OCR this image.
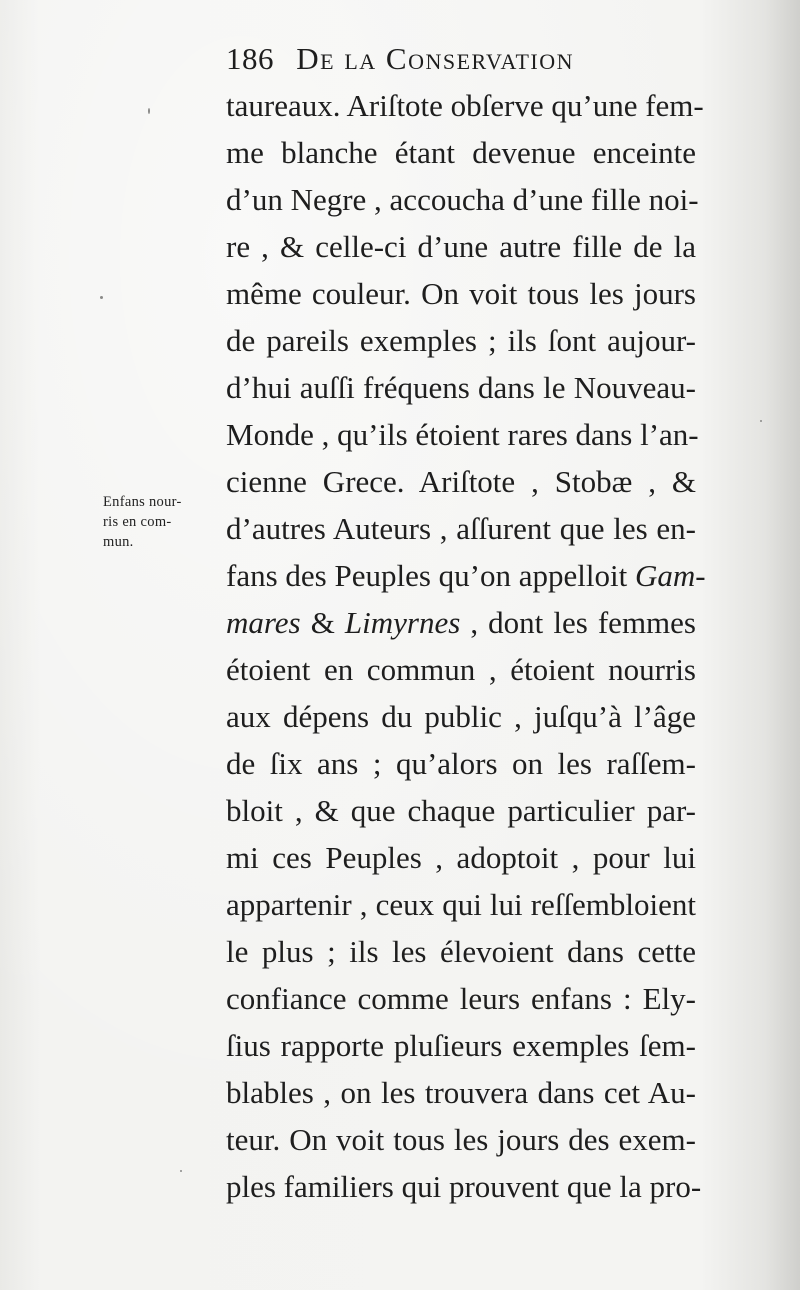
186 De la Conservation
Enfans nour-
ris en com-
mun.
taureaux. Ariſtote obſerve qu’une fem-
me blanche étant devenue enceinte
d’un Negre , accoucha d’une fille noi-
re , & celle-ci d’une autre fille de la
même couleur. On voit tous les jours
de pareils exemples ; ils ſont aujour-
d’hui auſſi fréquens dans le Nouveau-
Monde , qu’ils étoient rares dans l’an-
cienne Grece. Ariſtote , Stobæ , &
d’autres Auteurs , aſſurent que les en-
fans des Peuples qu’on appelloit Gam-
mares & Limyrnes , dont les femmes
étoient en commun , étoient nourris
aux dépens du public , juſqu’à l’âge
de ſix ans ; qu’alors on les raſſem-
bloit , & que chaque particulier par-
mi ces Peuples , adoptoit , pour lui
appartenir , ceux qui lui reſſembloient
le plus ; ils les élevoient dans cette
confiance comme leurs enfans : Ely-
ſius rapporte pluſieurs exemples ſem-
blables , on les trouvera dans cet Au-
teur. On voit tous les jours des exem-
ples familiers qui prouvent que la pro-
